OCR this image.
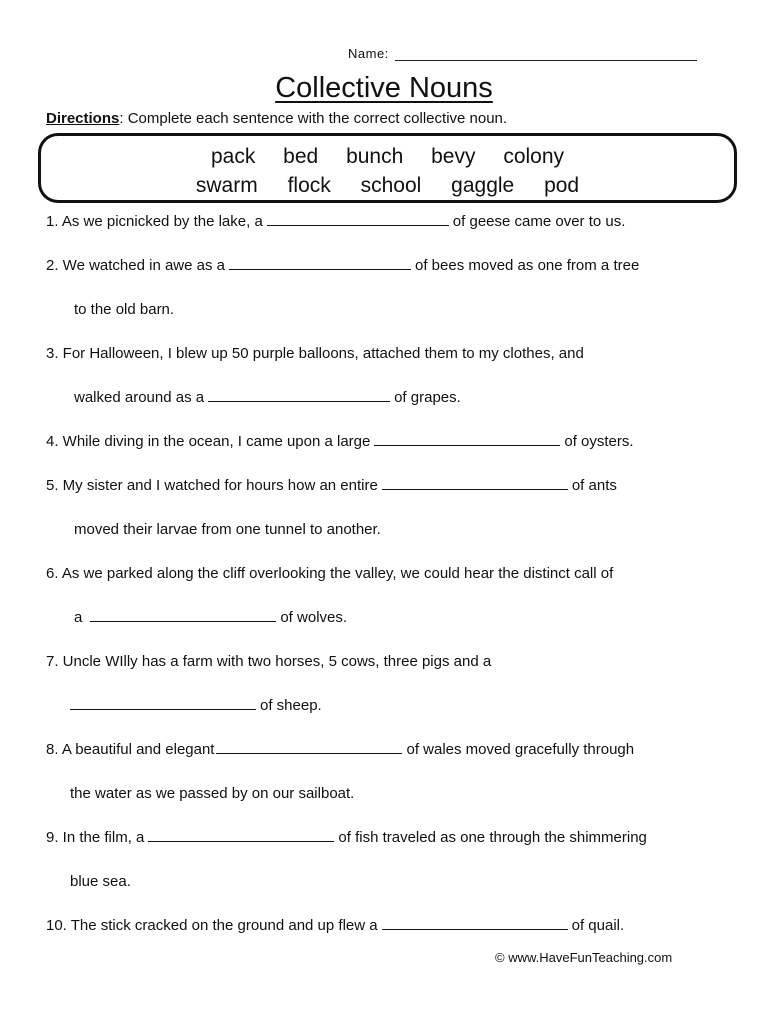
Name:
Collective Nouns
Directions: Complete each sentence with the correct collective noun.
pack bed bunch bevy colony
swarm flock school gaggle pod
1. As we picnicked by the lake, a	of geese came over to us.
2. We watched in awe as a	of bees moved as one from a tree
to the old barn.
3. For Halloween, I blew up 50 purple balloons, attached them to my clothes, and
walked around as a	of grapes.
4. While diving in the ocean, I came upon a large	of oysters.
5. My sister and I watched for hours how an entire	of ants
moved their larvae from one tunnel to another.
6. As we parked along the cliff overlooking the valley, we could hear the distinct call of
a	of wolves.
7. Uncle WIlly has a farm with two horses, 5 cows, three pigs and a
of sheep.
8. A beautiful and elegant	of wales moved gracefully through
the water as we passed by on our sailboat.
9. In the film, a	of fish traveled as one through the shimmering
blue sea.
10. The stick cracked on the ground and up flew a	of quail.
© www.HaveFunTeaching.com
